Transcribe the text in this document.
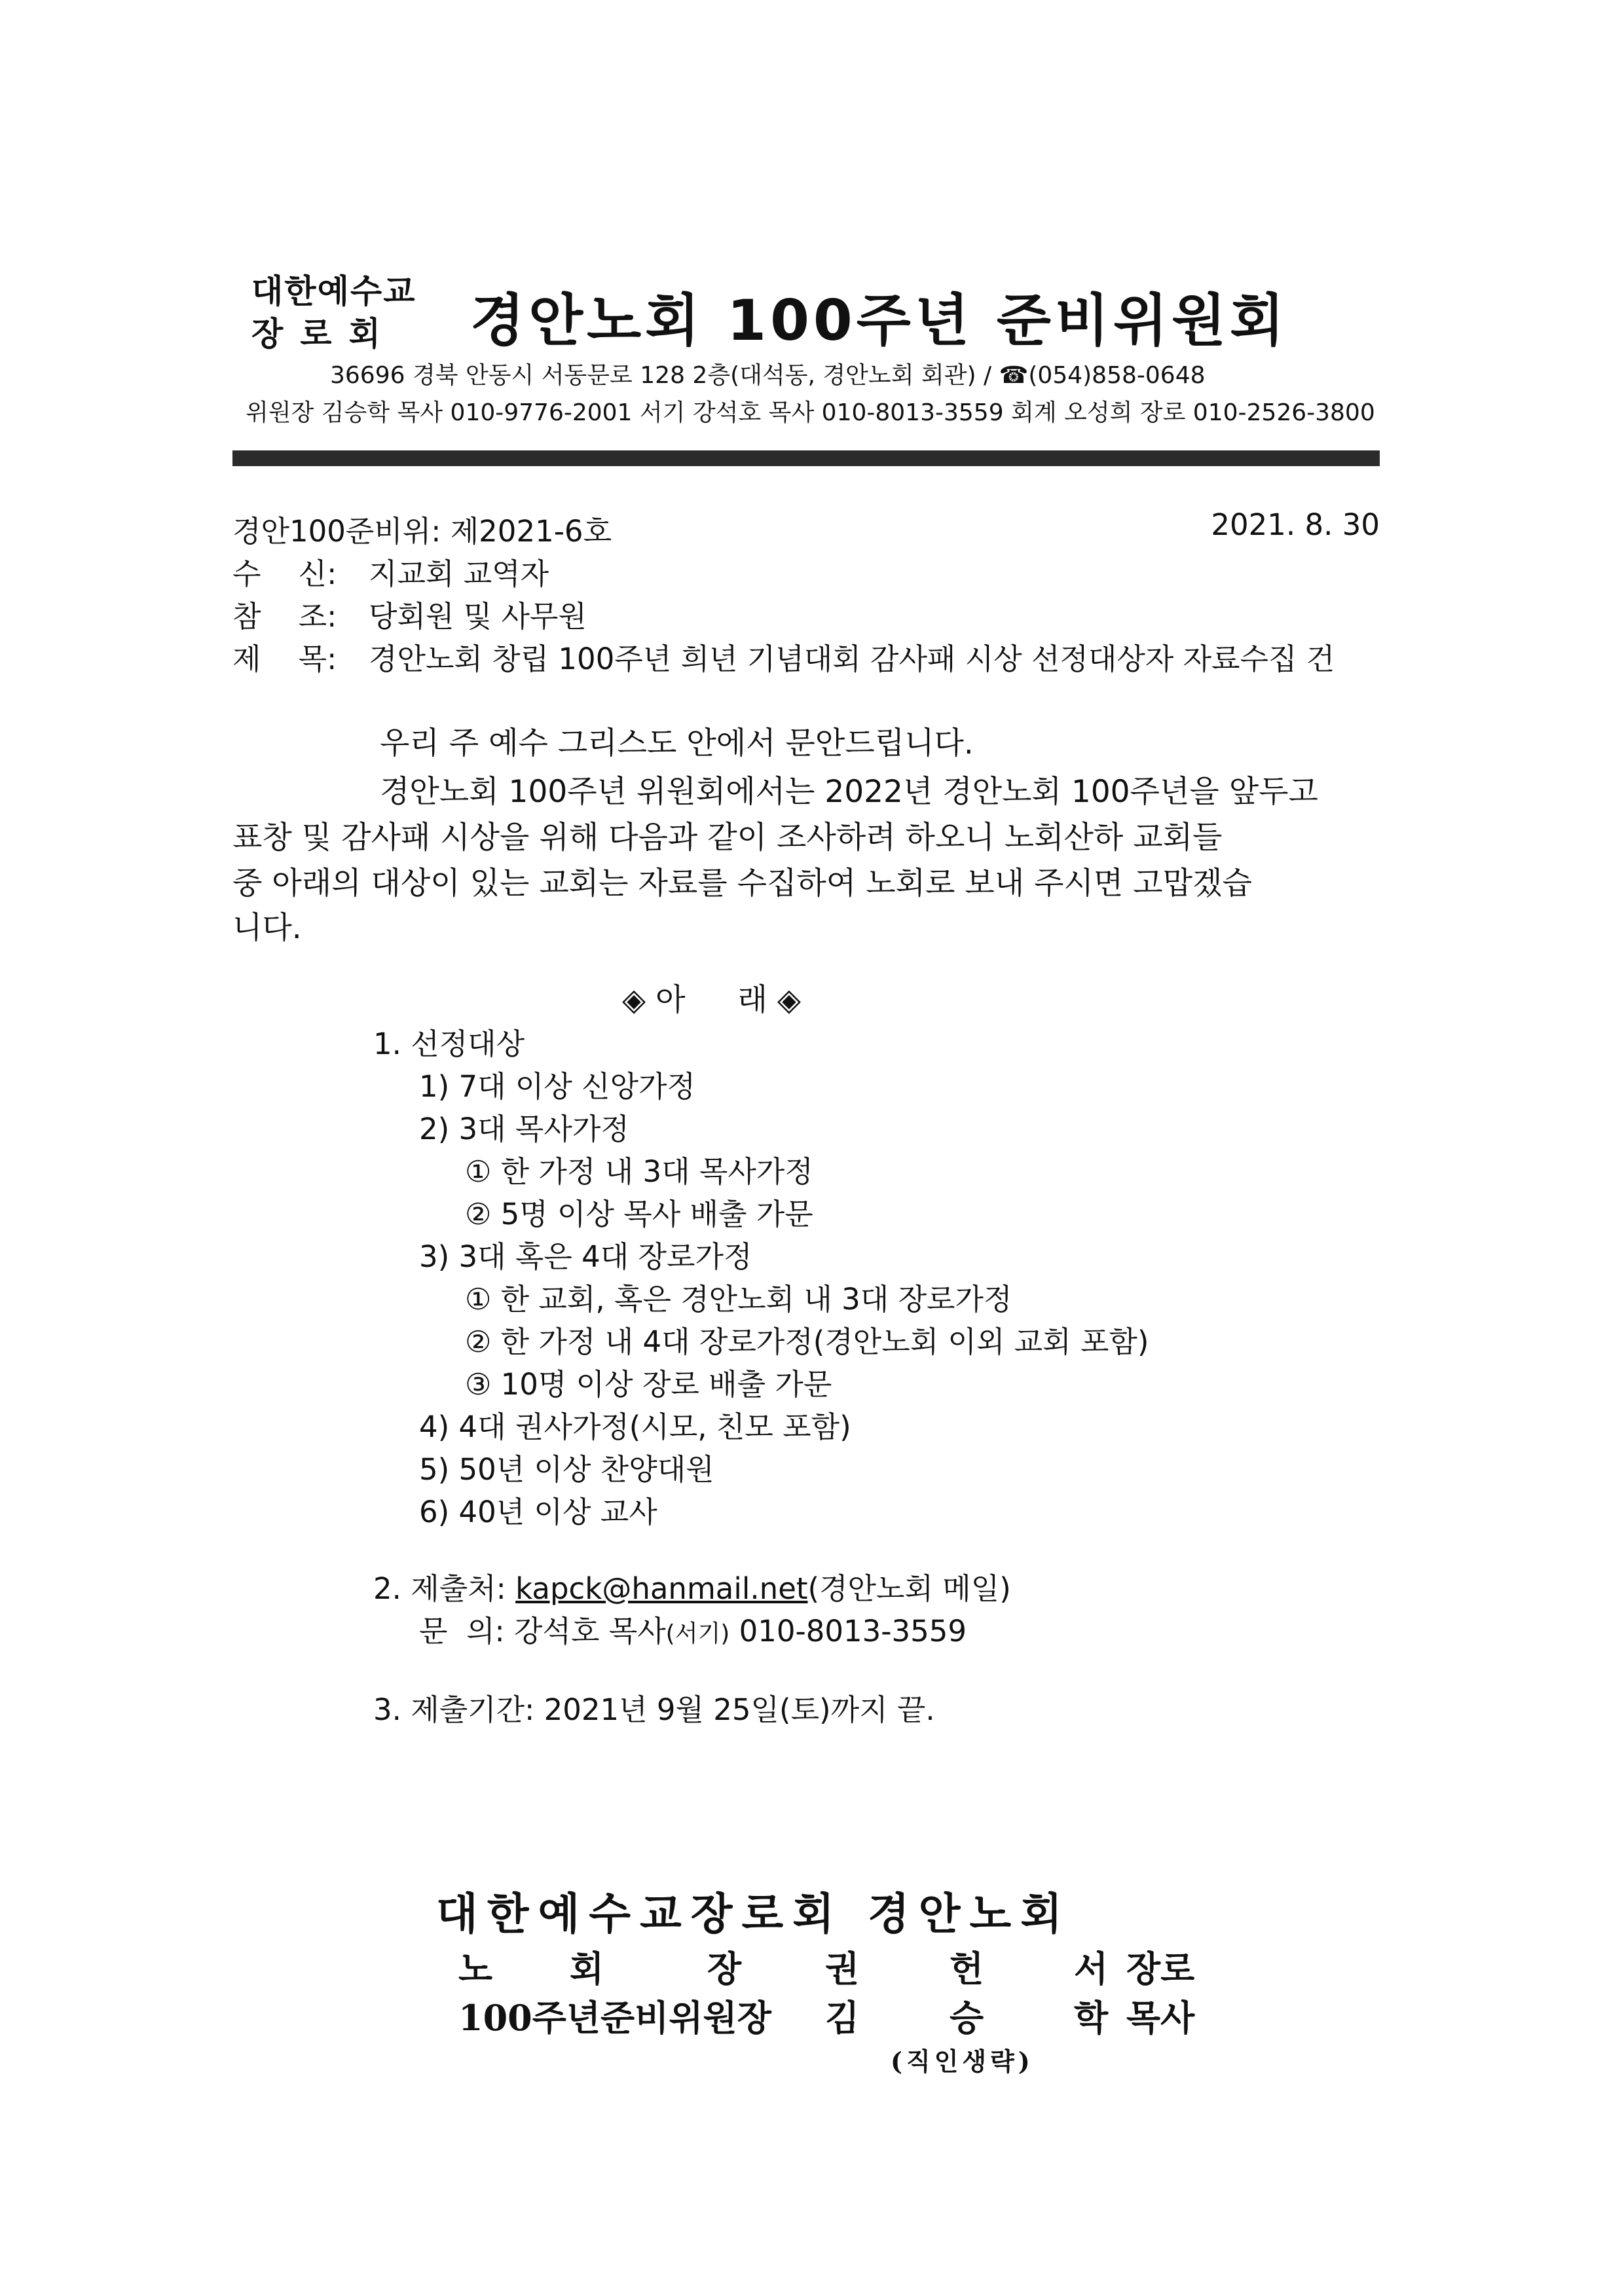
대한예수교
장로회 경안노회 100주년 준비위원회
36696 경북 안동시 서동문로 128 2층(대석동, 경안노회 회관) / ☎(054)858-0648
위원장 김승학 목사 010-9776-2001 서기 강석호 목사 010-8013-3559 회계 오성희 장로 010-2526-3800
경안100준비위: 제2021-6호	2021. 8. 30
수    신: 지교회 교역자
참    조: 당회원 및 사무원
제    목: 경안노회 창립 100주년 희년 기념대회 감사패 시상 선정대상자 자료수집 건
우리 주 예수 그리스도 안에서 문안드립니다.
경안노회 100주년 위원회에서는 2022년 경안노회 100주년을 앞두고
표창 및 감사패 시상을 위해 다음과 같이 조사하려 하오니 노회산하 교회들
중 아래의 대상이 있는 교회는 자료를 수집하여 노회로 보내 주시면 고맙겠습
니다.
◈ 아 래 ◈
1. 선정대상
1) 7대 이상 신앙가정
2) 3대 목사가정
① 한 가정 내 3대 목사가정
② 5명 이상 목사 배출 가문
3) 3대 혹은 4대 장로가정
① 한 교회, 혹은 경안노회 내 3대 장로가정
② 한 가정 내 4대 장로가정(경안노회 이외 교회 포함)
③ 10명 이상 장로 배출 가문
4) 4대 권사가정(시모, 친모 포함)
5) 50년 이상 찬양대원
6) 40년 이상 교사
2. 제출처: kapck@hanmail.net(경안노회 메일)
문  의: 강석호 목사(서기) 010-8013-3559
3. 제출기간: 2021년 9월 25일(토)까지 끝.
대한예수교장로회 경안노회
노 회	장 권	헌	서 장로
100주년준비위원장 김	승	학 목사
(직인생략)
